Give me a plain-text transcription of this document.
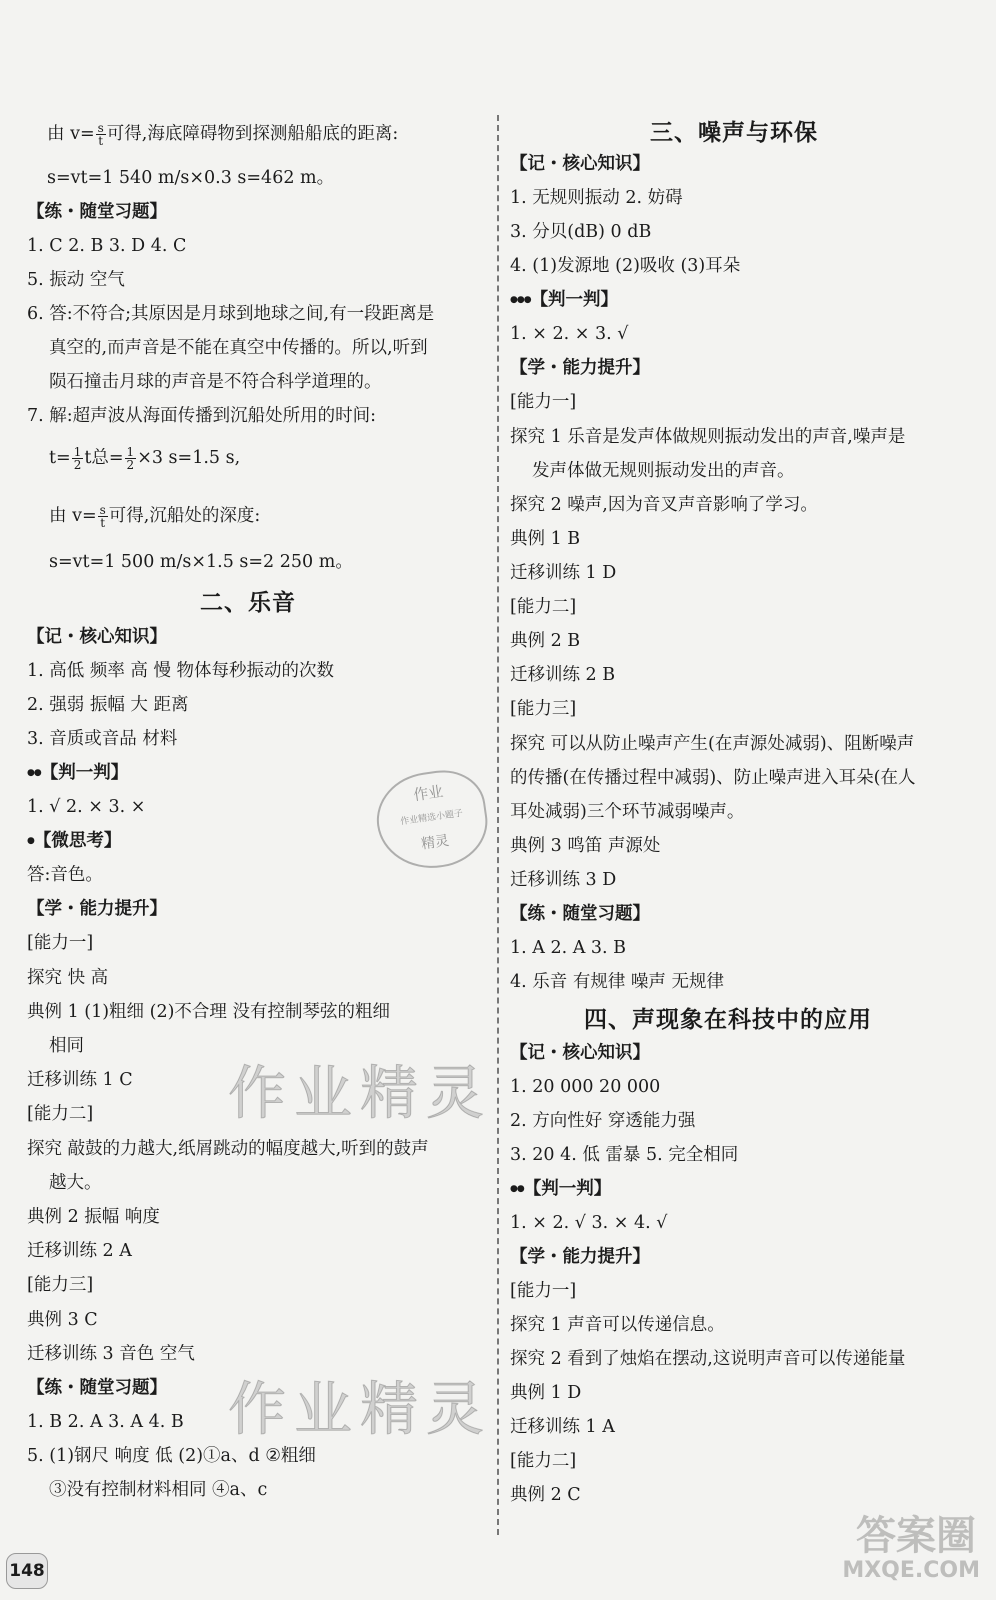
由 $v= \frac{s}{t}$ 可得,海底障碍物到探测船船底的距离:
s=vt=1 540 m/s×0.3 s=462 m。
【练・随堂习题】
1. C 2. B 3. D 4. C
5. 振动 空气
6. 答:不符合;其原因是月球到地球之间,有一段距离是
真空的,而声音是不能在真空中传播的。所以,听到
陨石撞击月球的声音是不符合科学道理的。
7. 解:超声波从海面传播到沉船处所用的时间:
$t= \frac{1}{2}$ t总= $\frac{1}{2} \times 3$ s=1.5 s,
由 $v= \frac{s}{t}$ 可得,沉船处的深度:
s=vt=1 500 m/s×1.5 s=2 250 m。
二、乐音
【记・核心知识】
1. 高低 频率 高 慢 物体每秒振动的次数
2. 强弱 振幅 大 距离
3. 音质或音品 材料
●●【判一判】
1. √ 2. × 3. ×
●【微思考】
答:音色。
【学・能力提升】
[能力一]
探究 快 高
典例 1 (1)粗细 (2)不合理 没有控制琴弦的粗细
相同
迁移训练 1 C
[能力二]
探究 敲鼓的力越大,纸屑跳动的幅度越大,听到的鼓声
越大。
典例 2 振幅 响度
迁移训练 2 A
[能力三]
典例 3 C
迁移训练 3 音色 空气
【练・随堂习题】
1. B 2. A 3. A 4. B
5. (1)钢尺 响度 低 (2)①a、d ②粗细
③没有控制材料相同 ④a、c
三、噪声与环保
【记・核心知识】
1. 无规则振动 2. 妨碍
3. 分贝(dB) 0 dB
4. (1)发源地 (2)吸收 (3)耳朵
●●●【判一判】
1. × 2. × 3. √
【学・能力提升】
[能力一]
探究 1 乐音是发声体做规则振动发出的声音,噪声是
发声体做无规则振动发出的声音。
探究 2 噪声,因为音叉声音影响了学习。
典例 1 B
迁移训练 1 D
[能力二]
典例 2 B
迁移训练 2 B
[能力三]
探究 可以从防止噪声产生(在声源处减弱)、阻断噪声
的传播(在传播过程中减弱)、防止噪声进入耳朵(在人
耳处减弱)三个环节减弱噪声。
典例 3 鸣笛 声源处
迁移训练 3 D
【练・随堂习题】
1. A 2. A 3. B
4. 乐音 有规律 噪声 无规律
四、声现象在科技中的应用
【记・核心知识】
1. 20 000 20 000
2. 方向性好 穿透能力强
3. 20 4. 低 雷暴 5. 完全相同
●●【判一判】
1. × 2. √ 3. × 4. √
【学・能力提升】
[能力一]
探究 1 声音可以传递信息。
探究 2 看到了烛焰在摆动,这说明声音可以传递能量
典例 1 D
迁移训练 1 A
[能力二]
典例 2 C
作业精灵
作业精灵
作业
作业精选小题子
精灵
答案圈
MXQE.COM
148
